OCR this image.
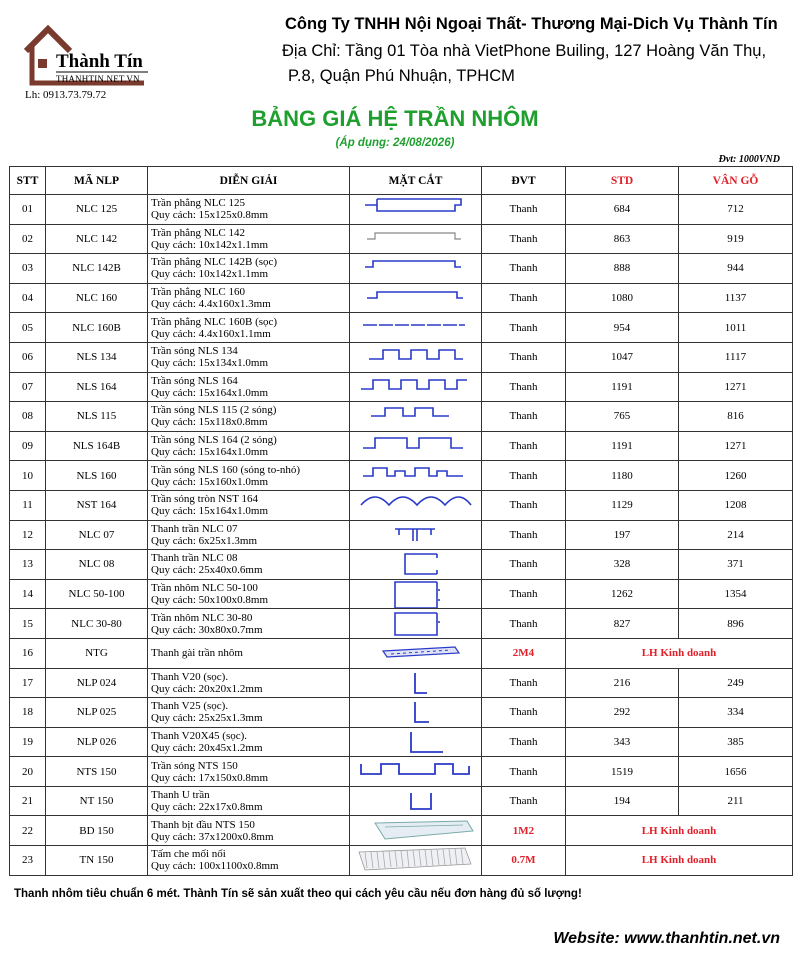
Thành Tín
THANHTIN.NET.VN
Lh: 0913.73.79.72
Công Ty TNHH Nội Ngoại Thất- Thương Mại-Dich Vụ Thành Tín
Địa Chỉ: Tầng 01 Tòa nhà VietPhone Builing, 127 Hoàng Văn Thụ,
P.8, Quận Phú Nhuận, TPHCM
BẢNG GIÁ HỆ TRẦN NHÔM
(Áp dụng: 24/08/2026)
Đvt: 1000VND
STT	MÃ NLP	DIỄN GIẢI	MẶT CẮT	ĐVT	STD	VÂN GỖ
01	NLC 125	Trần phẳng NLC 125
Quy cách: 15x125x0.8mm		Thanh	684	712
02	NLC 142	Trần phẳng NLC 142
Quy cách: 10x142x1.1mm		Thanh	863	919
03	NLC 142B	Trần phẳng NLC 142B (sọc)
Quy cách: 10x142x1.1mm		Thanh	888	944
04	NLC 160	Trần phẳng NLC 160
Quy cách: 4.4x160x1.3mm		Thanh	1080	1137
05	NLC 160B	Trần phẳng NLC 160B (sọc)
Quy cách: 4.4x160x1.1mm		Thanh	954	1011
06	NLS 134	Trần sóng NLS 134
Quy cách: 15x134x1.0mm		Thanh	1047	1117
07	NLS 164	Trần sóng NLS 164
Quy cách: 15x164x1.0mm		Thanh	1191	1271
08	NLS 115	Trần sóng NLS 115 (2 sóng)
Quy cách: 15x118x0.8mm		Thanh	765	816
09	NLS 164B	Trần sóng NLS 164 (2 sóng)
Quy cách: 15x164x1.0mm		Thanh	1191	1271
10	NLS 160	Trần sóng NLS 160 (sóng to-nhỏ)
Quy cách: 15x160x1.0mm		Thanh	1180	1260
11	NST 164	Trần sóng tròn NST 164
Quy cách: 15x164x1.0mm		Thanh	1129	1208
12	NLC 07	Thanh trần NLC 07
Quy cách: 6x25x1.3mm		Thanh	197	214
13	NLC 08	Thanh trần NLC 08
Quy cách: 25x40x0.6mm		Thanh	328	371
14	NLC 50-100	Trần nhôm NLC 50-100
Quy cách: 50x100x0.8mm		Thanh	1262	1354
15	NLC 30-80	Trần nhôm NLC 30-80
Quy cách: 30x80x0.7mm		Thanh	827	896
16	NTG	Thanh gài trần nhôm		2M4	LH Kinh doanh	
17	NLP 024	Thanh V20 (sọc).
Quy cách: 20x20x1.2mm		Thanh	216	249
18	NLP 025	Thanh V25 (sọc).
Quy cách: 25x25x1.3mm		Thanh	292	334
19	NLP 026	Thanh V20X45 (sọc).
Quy cách: 20x45x1.2mm		Thanh	343	385
20	NTS 150	Trần sóng NTS 150
Quy cách: 17x150x0.8mm		Thanh	1519	1656
21	NT 150	Thanh U trần
Quy cách: 22x17x0.8mm		Thanh	194	211
22	BD 150	Thanh bịt đầu NTS 150
Quy cách: 37x1200x0.8mm		1M2	LH Kinh doanh	
23	TN 150	Tấm che mối nối
Quy cách: 100x1100x0.8mm		0.7M	LH Kinh doanh	
Thanh nhôm tiêu chuẩn 6 mét. Thành Tín sẽ sản xuất theo qui cách yêu cầu nếu đơn hàng đủ số lượng!
Website: www.thanhtin.net.vn
